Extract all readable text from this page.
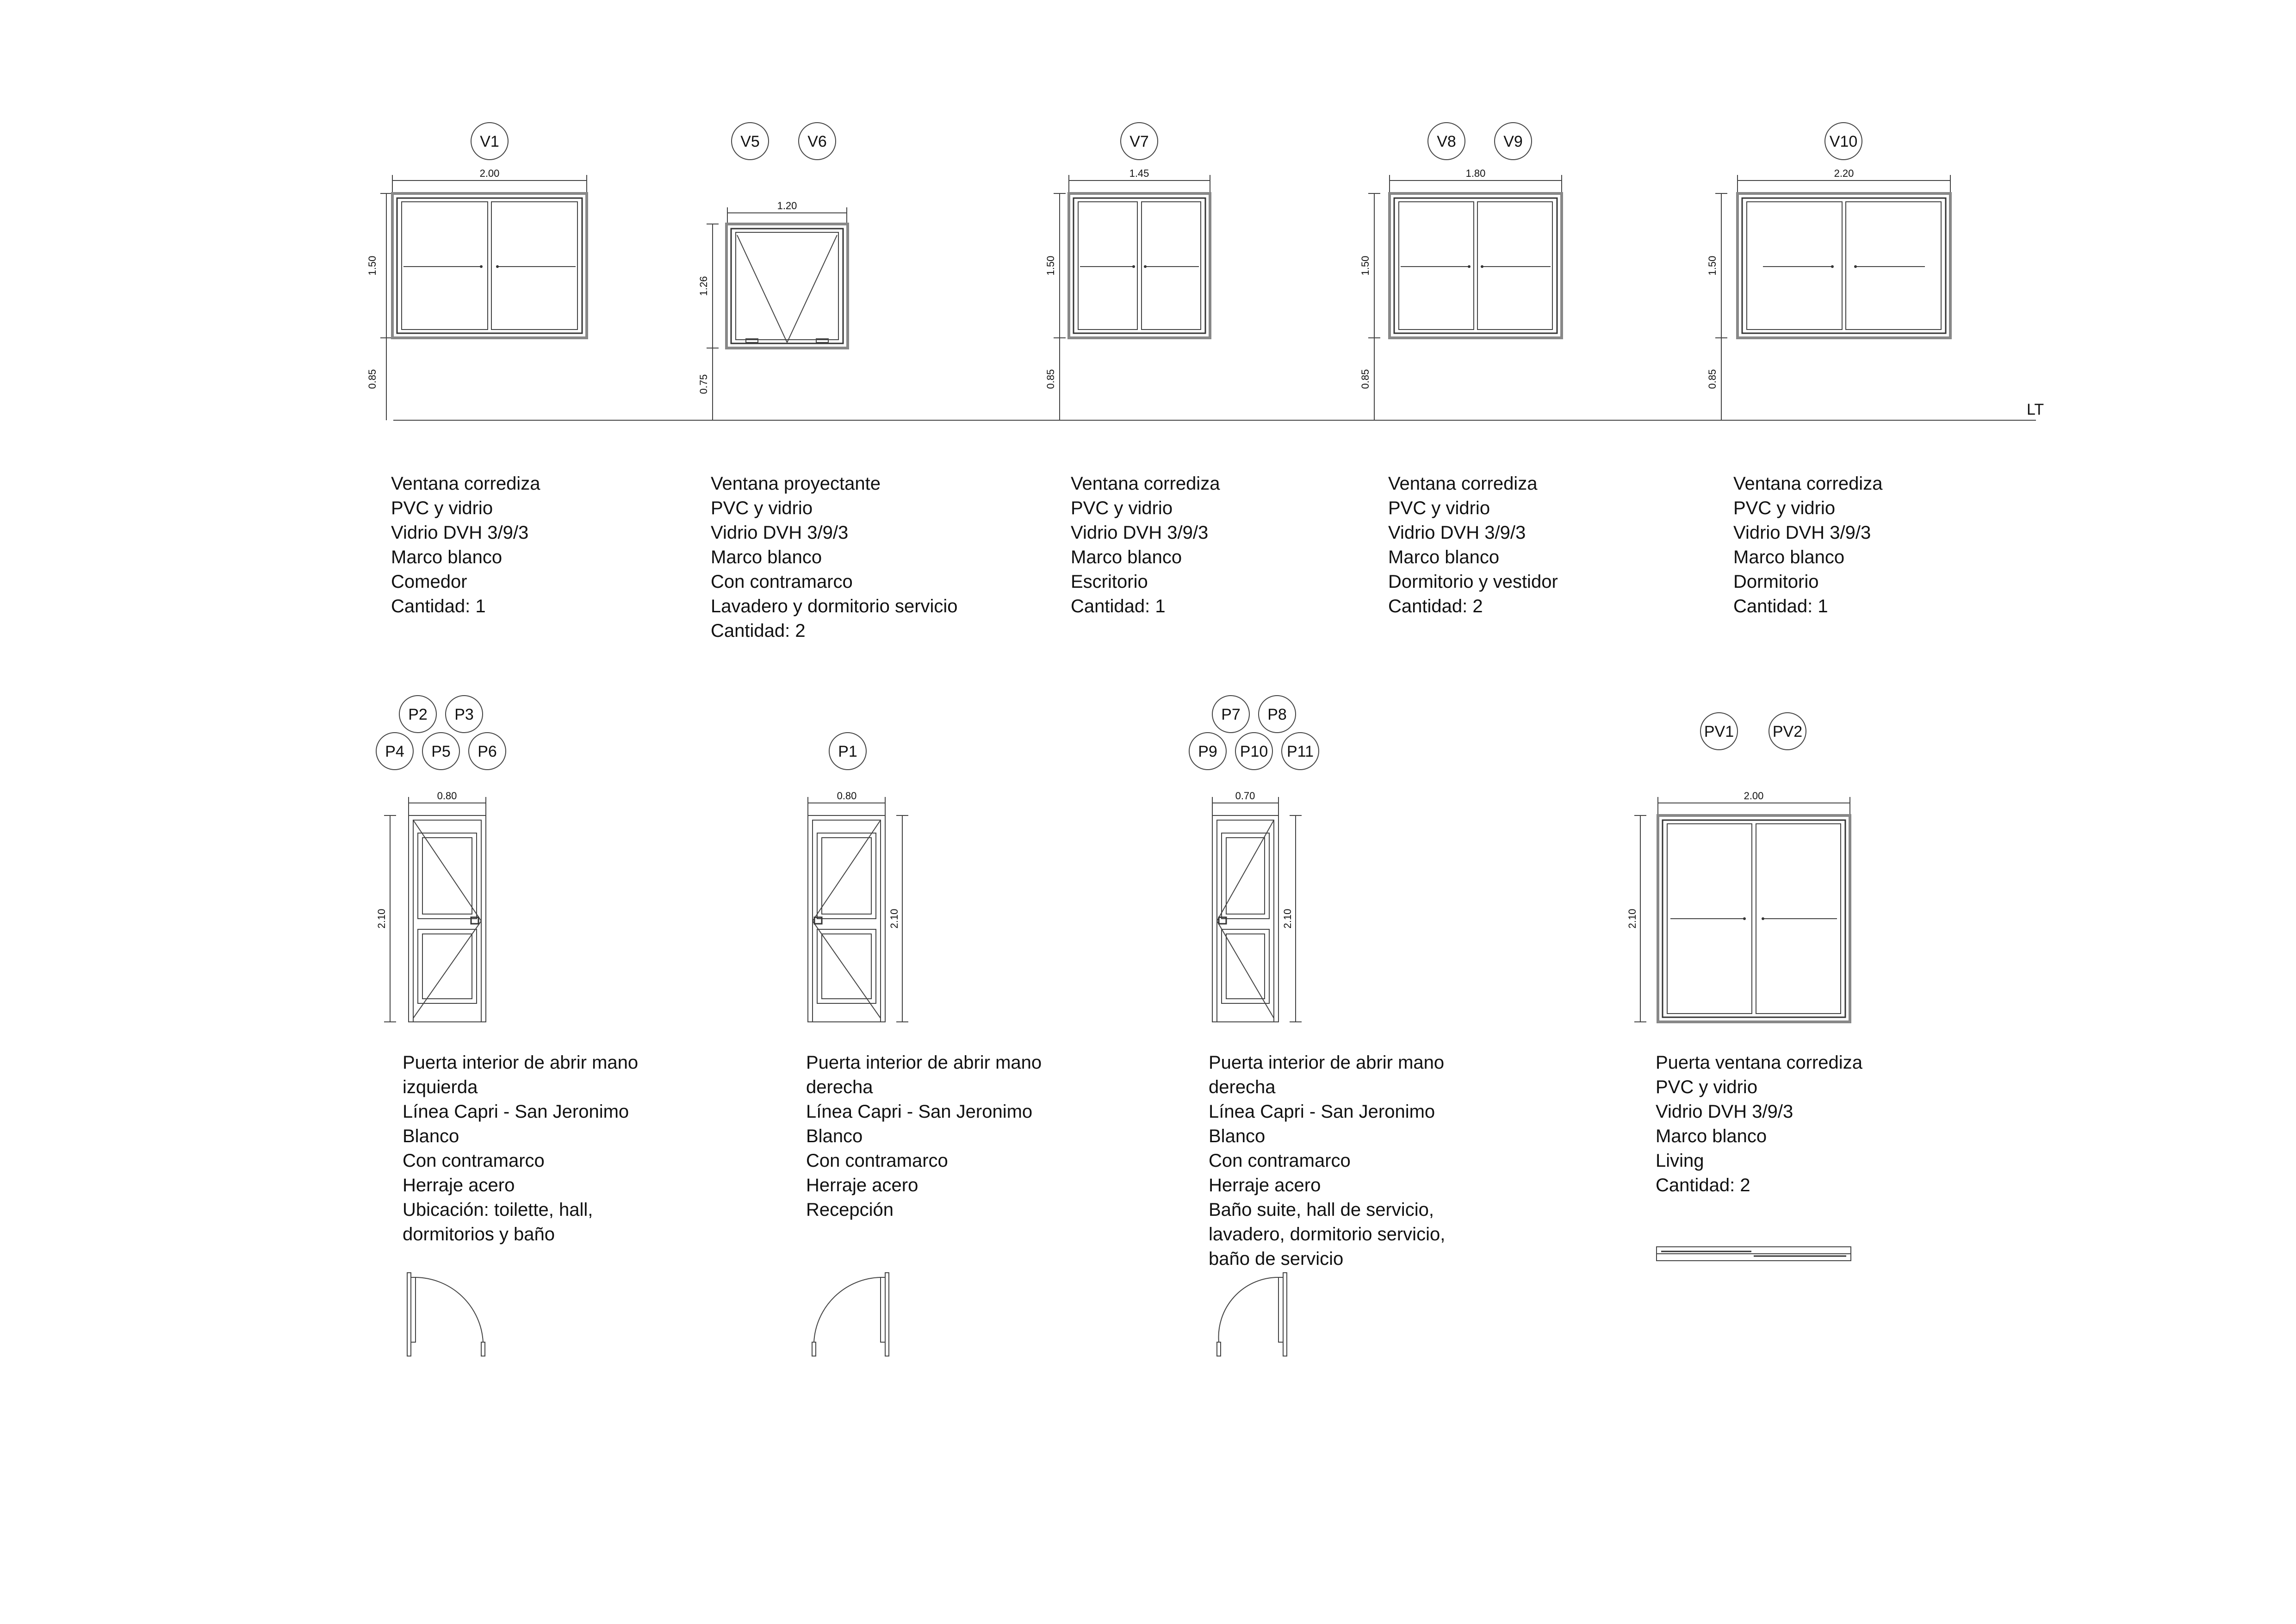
LT
V1
2.00
1.50
0.85
Ventana corrediza
PVC y vidrio
Vidrio DVH 3/9/3
Marco blanco
Comedor
Cantidad: 1
V5	V6
1.20
1.26
0.75
Ventana proyectante
PVC y vidrio
Vidrio DVH 3/9/3
Marco blanco
Con contramarco
Lavadero y dormitorio servicio
Cantidad: 2
V7
1.45
1.50
0.85
Ventana corrediza
PVC y vidrio
Vidrio DVH 3/9/3
Marco blanco
Escritorio
Cantidad: 1
V8	V9
1.80
1.50
0.85
Ventana corrediza
PVC y vidrio
Vidrio DVH 3/9/3
Marco blanco
Dormitorio y vestidor
Cantidad: 2
V10
2.20
1.50
0.85
Ventana corrediza
PVC y vidrio
Vidrio DVH 3/9/3
Marco blanco
Dormitorio
Cantidad: 1
P2 P3
P4 P5 P6
0.80
2.10
Puerta interior de abrir mano
izquierda
Línea Capri - San Jeronimo
Blanco
Con contramarco
Herraje acero
Ubicación: toilette, hall,
dormitorios y baño
P1
0.80
2.10
Puerta interior de abrir mano
derecha
Línea Capri - San Jeronimo
Blanco
Con contramarco
Herraje acero
Recepción
P7 P8
P9 P10 P11
0.70
2.10
Puerta interior de abrir mano
derecha
Línea Capri - San Jeronimo
Blanco
Con contramarco
Herraje acero
Baño suite, hall de servicio,
lavadero, dormitorio servicio,
baño de servicio
PV1 PV2
2.00
2.10
Puerta ventana corrediza
PVC y vidrio
Vidrio DVH 3/9/3
Marco blanco
Living
Cantidad: 2
